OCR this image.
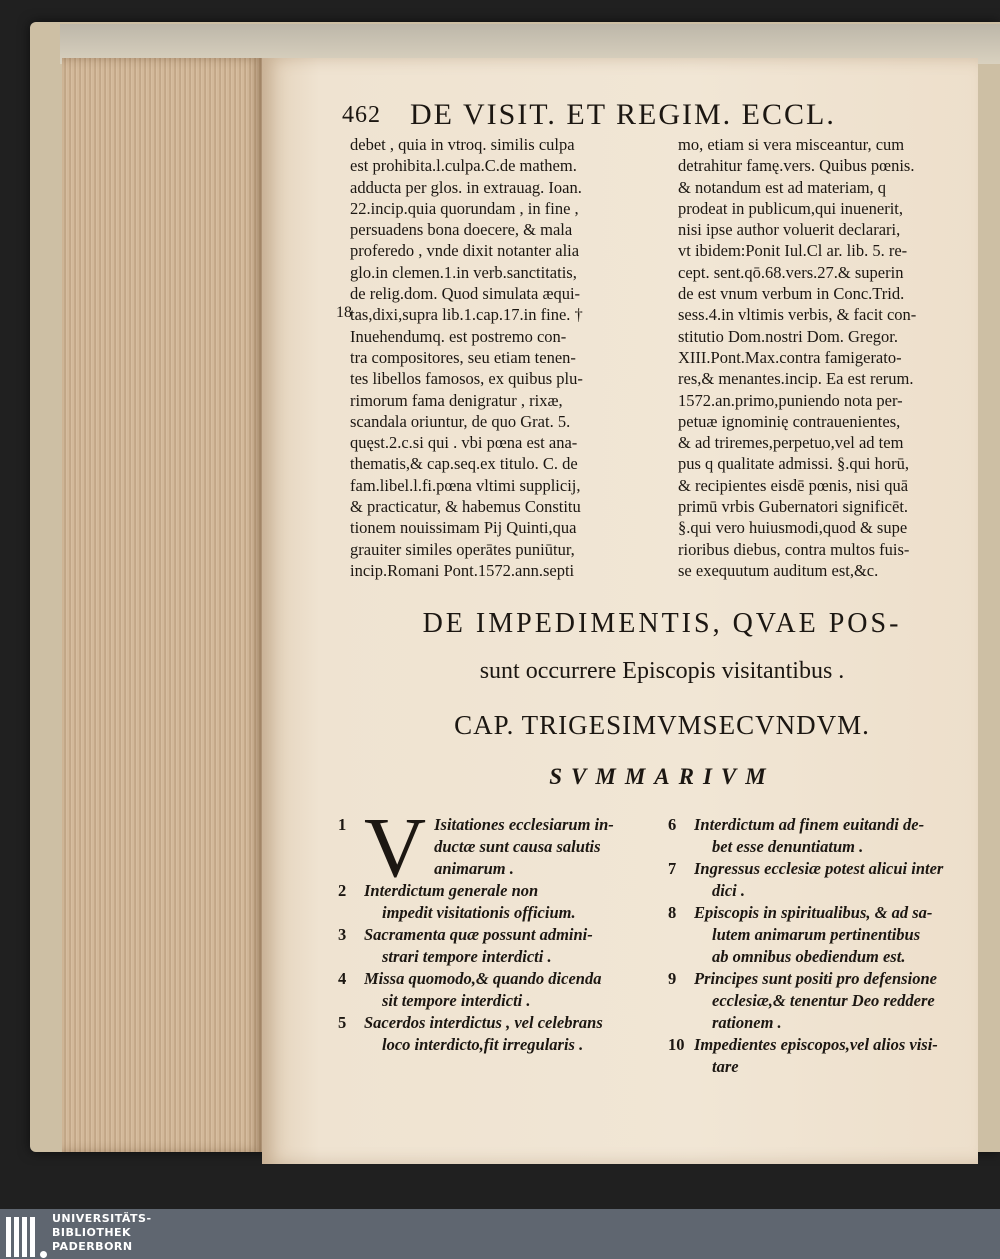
462 DE VISIT. ET REGIM. ECCL.
18
debet , quia in vtroq. similis culpa
est prohibita.l.culpa.C.de mathem.
adducta per glos. in extrauag. Ioan.
22.incip.quia quorundam , in fine ,
persuadens bona doecere, & mala
proferedo , vnde dixit notanter alia
glo.in clemen.1.in verb.sanctitatis,
de relig.dom. Quod simulata æqui-
tas,dixi,supra lib.1.cap.17.in fine. †
Inuehendumq. est postremo con-
tra compositores, seu etiam tenen-
tes libellos famosos, ex quibus plu-
rimorum fama denigratur , rixæ,
scandala oriuntur, de quo Grat. 5.
quęst.2.c.si qui . vbi pœna est ana-
thematis,& cap.seq.ex titulo. C. de
fam.libel.l.fi.pœna vltimi supplicij,
& practicatur, & habemus Constitu
tionem nouissimam Pij Quinti,qua
grauiter similes operātes puniūtur,
incip.Romani Pont.1572.ann.septi
mo, etiam si vera misceantur, cum
detrahitur famę.vers. Quibus pœnis.
& notandum est ad materiam, q
prodeat in publicum,qui inuenerit,
nisi ipse author voluerit declarari,
vt ibidem:Ponit Iul.Cl ar. lib. 5. re-
cept. sent.qō.68.vers.27.& superin
de est vnum verbum in Conc.Trid.
sess.4.in vltimis verbis, & facit con-
stitutio Dom.nostri Dom. Gregor.
XIII.Pont.Max.contra famigerato-
res,& menantes.incip. Ea est rerum.
1572.an.primo,puniendo nota per-
petuæ ignominię contrauenientes,
& ad triremes,perpetuo,vel ad tem
pus q qualitate admissi. §.qui horū,
& recipientes eisdē pœnis, nisi quā
primū vrbis Gubernatori significēt.
§.qui vero huiusmodi,quod & supe
rioribus diebus, contra multos fuis-
se exequutum auditum est,&c.
DE IMPEDIMENTIS, QVAE POS-
sunt occurrere Episcopis visitantibus .
CAP. TRIGESIMVMSECVNDVM.
SVMMARIVM
1 V Isitationes ecclesiarum in-
ductæ sunt causa salutis
animarum .
2 Interdictum generale non
impedit visitationis officium.
3 Sacramenta quæ possunt admini-
strari tempore interdicti .
4 Missa quomodo,& quando dicenda
sit tempore interdicti .
5 Sacerdos interdictus , vel celebrans
loco interdicto,fit irregularis .
6 Interdictum ad finem euitandi de-
bet esse denuntiatum .
7 Ingressus ecclesiæ potest alicui inter
dici .
8 Episcopis in spiritualibus, & ad sa-
lutem animarum pertinentibus
ab omnibus obediendum est.
9 Principes sunt positi pro defensione
ecclesiæ,& tenentur Deo reddere
rationem .
10 Impedientes episcopos,vel alios visi-
tare
UNIVERSITÄTS-
BIBLIOTHEK
PADERBORN
